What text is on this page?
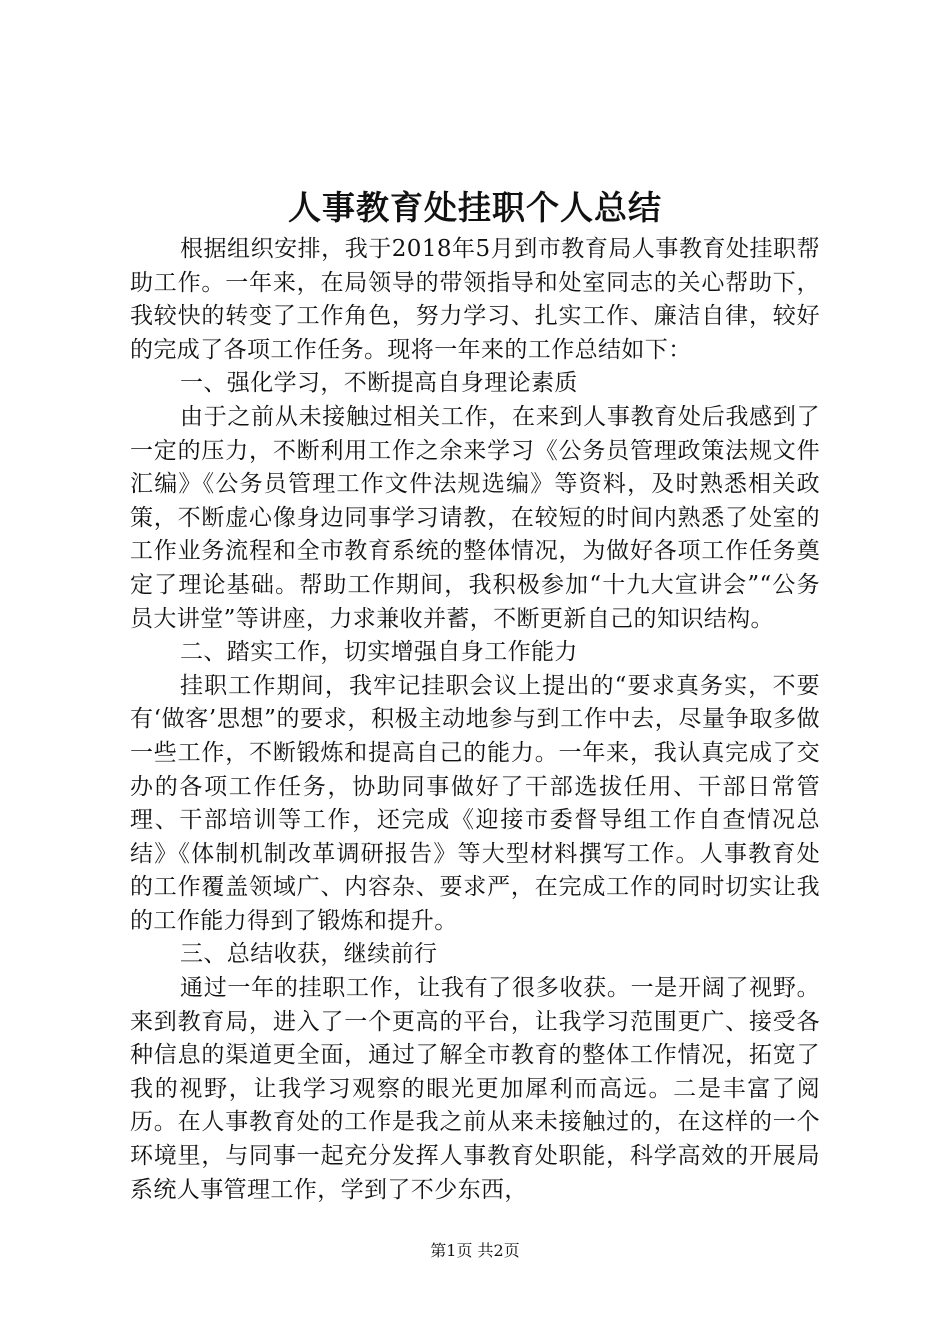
人事教育处挂职个人总结

根据组织安排，我于2018年5月到市教育局人事教育处挂职帮助工作。一年来，在局领导的带领指导和处室同志的关心帮助下，我较快的转变了工作角色，努力学习、扎实工作、廉洁自律，较好的完成了各项工作任务。现将一年来的工作总结如下：

一、强化学习，不断提高自身理论素质

由于之前从未接触过相关工作，在来到人事教育处后我感到了一定的压力，不断利用工作之余来学习《公务员管理政策法规文件汇编》《公务员管理工作文件法规选编》等资料，及时熟悉相关政策，不断虚心像身边同事学习请教，在较短的时间内熟悉了处室的工作业务流程和全市教育系统的整体情况，为做好各项工作任务奠定了理论基础。帮助工作期间，我积极参加“十九大宣讲会”“公务员大讲堂”等讲座，力求兼收并蓄，不断更新自己的知识结构。

二、踏实工作，切实增强自身工作能力

挂职工作期间，我牢记挂职会议上提出的“要求真务实，不要有‘做客’思想”的要求，积极主动地参与到工作中去，尽量争取多做一些工作，不断锻炼和提高自己的能力。一年来，我认真完成了交办的各项工作任务，协助同事做好了干部选拔任用、干部日常管理、干部培训等工作，还完成《迎接市委督导组工作自查情况总结》《体制机制改革调研报告》等大型材料撰写工作。人事教育处的工作覆盖领域广、内容杂、要求严，在完成工作的同时切实让我的工作能力得到了锻炼和提升。

三、总结收获，继续前行

通过一年的挂职工作，让我有了很多收获。一是开阔了视野。来到教育局，进入了一个更高的平台，让我学习范围更广、接受各种信息的渠道更全面，通过了解全市教育的整体工作情况，拓宽了我的视野，让我学习观察的眼光更加犀利而高远。二是丰富了阅历。在人事教育处的工作是我之前从来未接触过的，在这样的一个环境里，与同事一起充分发挥人事教育处职能，科学高效的开展局系统人事管理工作，学到了不少东西，

第1页 共2页
